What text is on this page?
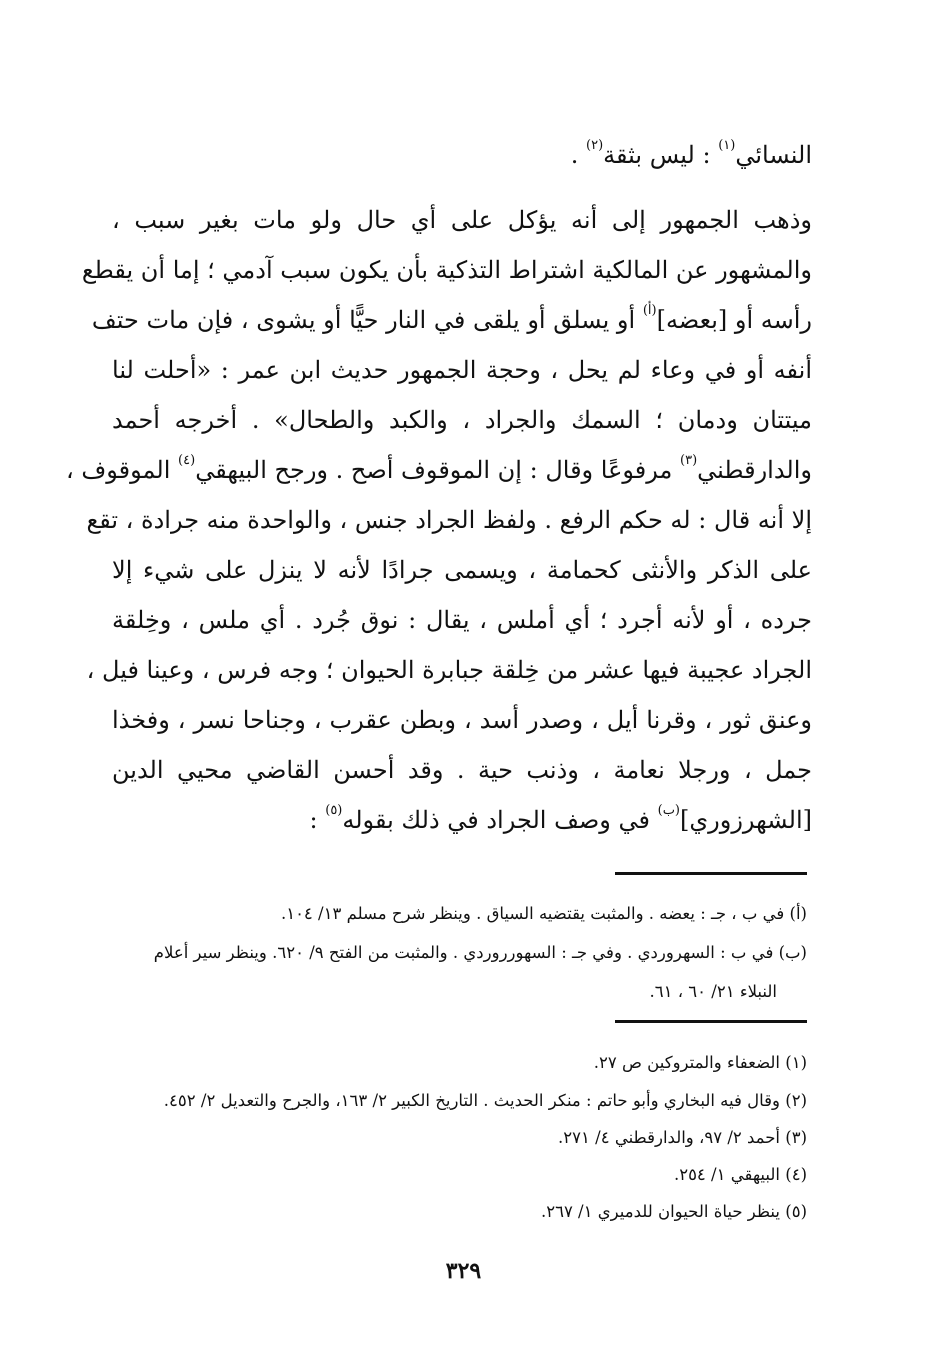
النسائي$^{(١)}$ : ليس بثقة$^{(٢)}$ .
وذهب الجمهور إلى أنه يؤكل على أي حال ولو مات بغير سبب ،
والمشهور عن المالكية اشتراط التذكية بأن يكون سبب آدمي ؛ إما أن يقطع
رأسه أو [بعضه]$^{(أ)}$ أو يسلق أو يلقى في النار حيًّا أو يشوى ، فإن مات حتف
أنفه أو في وعاء لم يحل ، وحجة الجمهور حديث ابن عمر : «أحلت لنا
ميتتان ودمان ؛ السمك والجراد ، والكبد والطحال» . أخرجه أحمد
والدارقطني$^{(٣)}$ مرفوعًا وقال : إن الموقوف أصح . ورجح البيهقي$^{(٤)}$ الموقوف ،
إلا أنه قال : له حكم الرفع . ولفظ الجراد جنس ، والواحدة منه جرادة ، تقع
على الذكر والأنثى كحمامة ، ويسمى جرادًا لأنه لا ينزل على شيء إلا
جرده ، أو لأنه أجرد ؛ أي أملس ، يقال : نوق جُرد . أي ملس ، وخِلقة
الجراد عجيبة فيها عشر من خِلقة جبابرة الحيوان ؛ وجه فرس ، وعينا فيل ،
وعنق ثور ، وقرنا أيل ، وصدر أسد ، وبطن عقرب ، وجناحا نسر ، وفخذا
جمل ، ورجلا نعامة ، وذنب حية . وقد أحسن القاضي محيي الدين
[الشهرزوري]$^{(ب)}$ في وصف الجراد في ذلك بقوله$^{(٥)}$ :
(أ) في ب ، جـ : يعضه . والمثبت يقتضيه السياق . وينظر شرح مسلم ١٣/ ١٠٤.
(ب) في ب : السهروردي . وفي جـ : السهورروردي . والمثبت من الفتح ٩/ ٦٢٠. وينظر سير أعلام
النبلاء ٢١/ ٦٠ ، ٦١.
(١) الضعفاء والمتروكين ص ٢٧.
(٢) وقال فيه البخاري وأبو حاتم : منكر الحديث . التاريخ الكبير ٢/ ١٦٣، والجرح والتعديل ٢/ ٤٥٢.
(٣) أحمد ٢/ ٩٧، والدارقطني ٤/ ٢٧١.
(٤) البيهقي ١/ ٢٥٤.
(٥) ينظر حياة الحيوان للدميري ١/ ٢٦٧.
٣٢٩
